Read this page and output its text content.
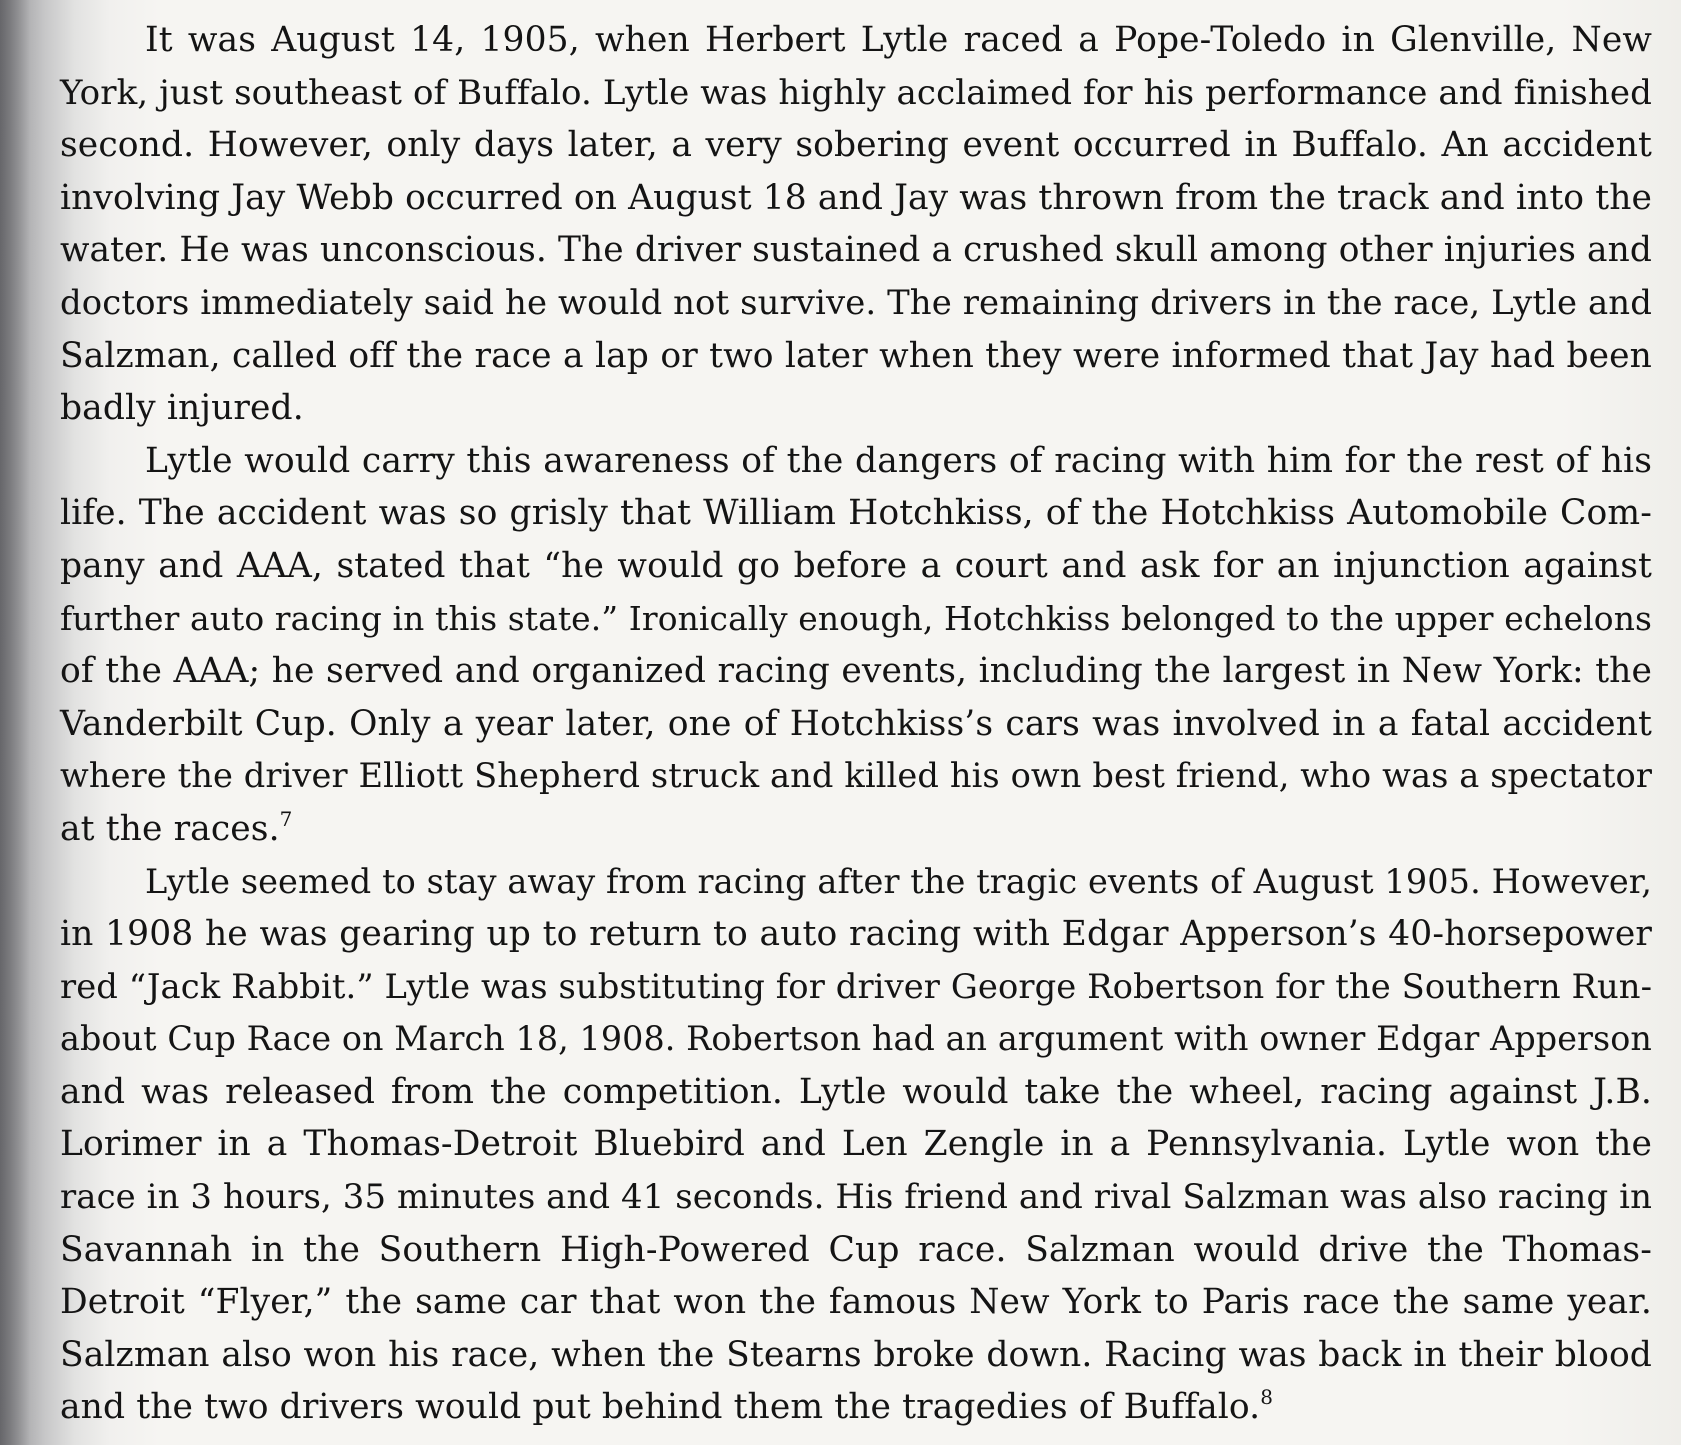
It was August 14, 1905, when Herbert Lytle raced a Pope-Toledo in Glenville, New
York, just southeast of Buffalo. Lytle was highly acclaimed for his performance and finished
second. However, only days later, a very sobering event occurred in Buffalo. An accident
involving Jay Webb occurred on August 18 and Jay was thrown from the track and into the
water. He was unconscious. The driver sustained a crushed skull among other injuries and
doctors immediately said he would not survive. The remaining drivers in the race, Lytle and
Salzman, called off the race a lap or two later when they were informed that Jay had been
badly injured.
Lytle would carry this awareness of the dangers of racing with him for the rest of his
life. The accident was so grisly that William Hotchkiss, of the Hotchkiss Automobile Com-
pany and AAA, stated that “he would go before a court and ask for an injunction against
further auto racing in this state.” Ironically enough, Hotchkiss belonged to the upper echelons
of the AAA; he served and organized racing events, including the largest in New York: the
Vanderbilt Cup. Only a year later, one of Hotchkiss’s cars was involved in a fatal accident
where the driver Elliott Shepherd struck and killed his own best friend, who was a spectator
at the races.$^7$
Lytle seemed to stay away from racing after the tragic events of August 1905. However,
in 1908 he was gearing up to return to auto racing with Edgar Apperson’s 40-horsepower
red “Jack Rabbit.” Lytle was substituting for driver George Robertson for the Southern Run-
about Cup Race on March 18, 1908. Robertson had an argument with owner Edgar Apperson
and was released from the competition. Lytle would take the wheel, racing against J.B.
Lorimer in a Thomas-Detroit Bluebird and Len Zengle in a Pennsylvania. Lytle won the
race in 3 hours, 35 minutes and 41 seconds. His friend and rival Salzman was also racing in
Savannah in the Southern High-Powered Cup race. Salzman would drive the Thomas-
Detroit “Flyer,” the same car that won the famous New York to Paris race the same year.
Salzman also won his race, when the Stearns broke down. Racing was back in their blood
and the two drivers would put behind them the tragedies of Buffalo.$^8$
